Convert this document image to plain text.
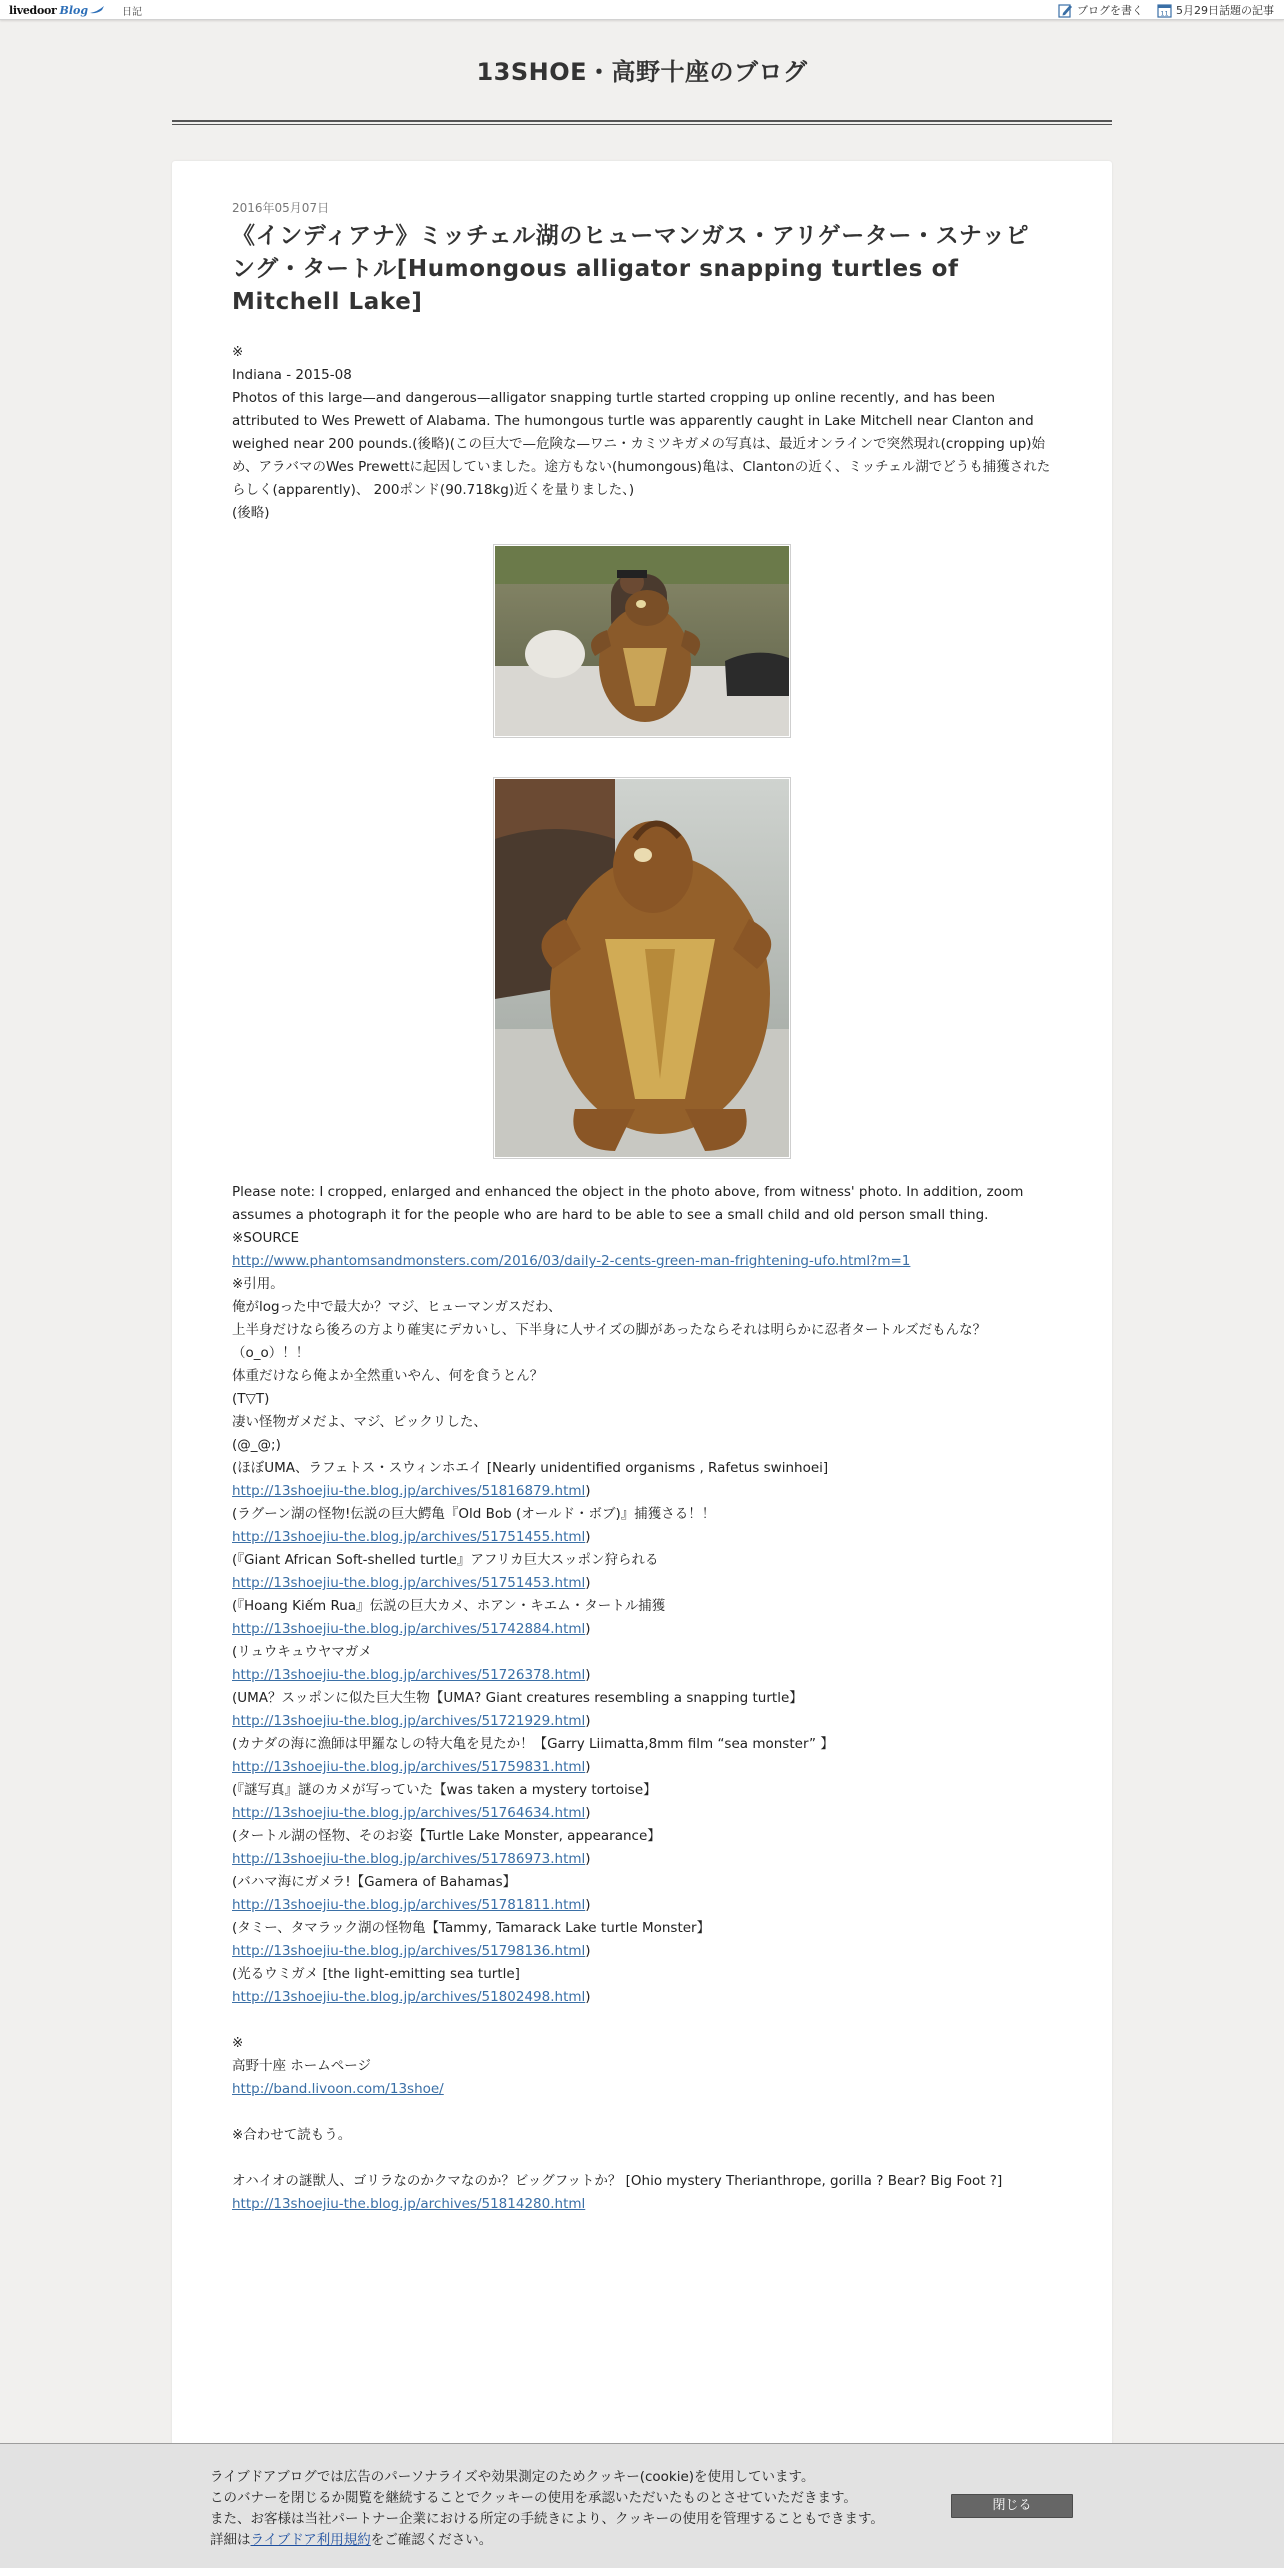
livedoor Blog	日記	ブログを書く	11 5月29日話題の記事
13SHOE・高野十座のブログ
2016年05月07日
《インディアナ》ミッチェル湖のヒューマンガス・アリゲーター・スナッピング・タートル[Humongous alligator snapping turtles of Mitchell Lake]
※
Indiana - 2015-08
Photos of this large—and dangerous—alligator snapping turtle started cropping up online recently, and has been attributed to Wes Prewett of Alabama. The humongous turtle was apparently caught in Lake Mitchell near Clanton and weighed near 200 pounds.(後略)(この巨大で—危険な—ワニ・カミツキガメの写真は、最近オンラインで突然現れ(cropping up)始め、アラバマのWes Prewettに起因していました。途方もない(humongous)亀は、Clantonの近く、ミッチェル湖でどうも捕獲されたらしく(apparently)、 200ポンド(90.718kg)近くを量りました、)
(後略)
Please note: I cropped, enlarged and enhanced the object in the photo above, from witness' photo. In addition, zoom assumes a photograph it for the people who are hard to be able to see a small child and old person small thing.
※SOURCE
http://www.phantomsandmonsters.com/2016/03/daily-2-cents-green-man-frightening-ufo.html?m=1
※引用。
俺がlogった中で最大か？マジ、ヒューマンガスだわ、
上半身だけなら後ろの方より確実にデカいし、下半身に人サイズの脚があったならそれは明らかに忍者タートルズだもんな？（o_o）！！
体重だけなら俺よか全然重いやん、何を食うとん？
(T▽T)
凄い怪物ガメだよ、マジ、ビックリした、
(@_@;)
(ほぼUMA、ラフェトス・スウィンホエイ [Nearly unidentified organisms , Rafetus swinhoei]
http://13shoejiu-the.blog.jp/archives/51816879.html)
(ラグーン湖の怪物!伝説の巨大鰐亀『Old Bob (オールド・ボブ)』捕獲さる！！
http://13shoejiu-the.blog.jp/archives/51751455.html)
(『Giant African Soft-shelled turtle』アフリカ巨大スッポン狩られる
http://13shoejiu-the.blog.jp/archives/51751453.html)
(『Hoang Kiếm Rua』伝説の巨大カメ、ホアン・キエム・タートル捕獲
http://13shoejiu-the.blog.jp/archives/51742884.html)
(リュウキュウヤマガメ
http://13shoejiu-the.blog.jp/archives/51726378.html)
(UMA？スッポンに似た巨大生物【UMA? Giant creatures resembling a snapping turtle】
http://13shoejiu-the.blog.jp/archives/51721929.html)
(カナダの海に漁師は甲羅なしの特大亀を見たか！【Garry Liimatta,8mm film “sea monster” 】
http://13shoejiu-the.blog.jp/archives/51759831.html)
(『謎写真』謎のカメが写っていた【was taken a mystery tortoise】
http://13shoejiu-the.blog.jp/archives/51764634.html)
(タートル湖の怪物、そのお姿【Turtle Lake Monster, appearance】
http://13shoejiu-the.blog.jp/archives/51786973.html)
(バハマ海にガメラ!【Gamera of Bahamas】
http://13shoejiu-the.blog.jp/archives/51781811.html)
(タミー、タマラック湖の怪物亀【Tammy, Tamarack Lake turtle Monster】
http://13shoejiu-the.blog.jp/archives/51798136.html)
(光るウミガメ [the light-emitting sea turtle]
http://13shoejiu-the.blog.jp/archives/51802498.html)
※
高野十座 ホームページ
http://band.livoon.com/13shoe/
※合わせて読もう。
オハイオの謎獣人、ゴリラなのかクマなのか？ビッグフットか？ [Ohio mystery Therianthrope, gorilla ? Bear? Big Foot ?]
http://13shoejiu-the.blog.jp/archives/51814280.html
ライブドアブログでは広告のパーソナライズや効果測定のためクッキー(cookie)を使用しています。
このバナーを閉じるか閲覧を継続することでクッキーの使用を承認いただいたものとさせていただきます。
また、お客様は当社パートナー企業における所定の手続きにより、クッキーの使用を管理することもできます。
詳細はライブドア利用規約をご確認ください。
閉じる
